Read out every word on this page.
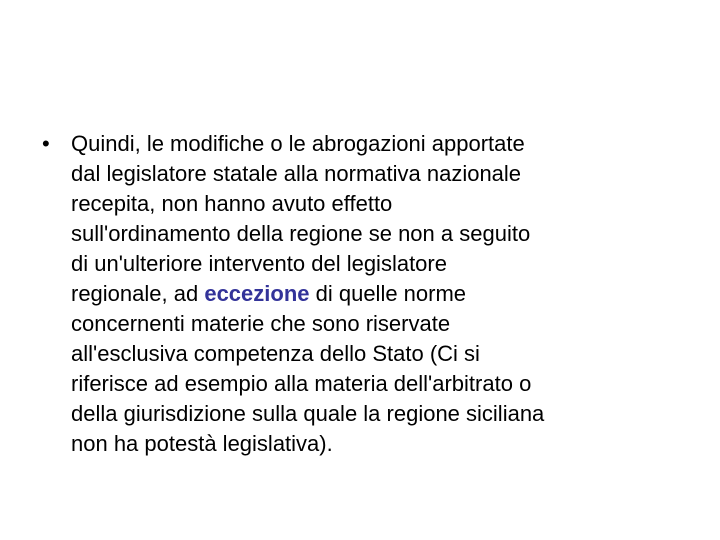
• Quindi, le modifiche o le abrogazioni apportate
dal legislatore statale alla normativa nazionale
recepita, non hanno avuto effetto
sull'ordinamento della regione se non a seguito
di un'ulteriore intervento del legislatore
regionale, ad eccezione di quelle norme
concernenti materie che sono riservate
all'esclusiva competenza dello Stato (Ci si
riferisce ad esempio alla materia dell'arbitrato o
della giurisdizione sulla quale la regione siciliana
non ha potestà legislativa).
